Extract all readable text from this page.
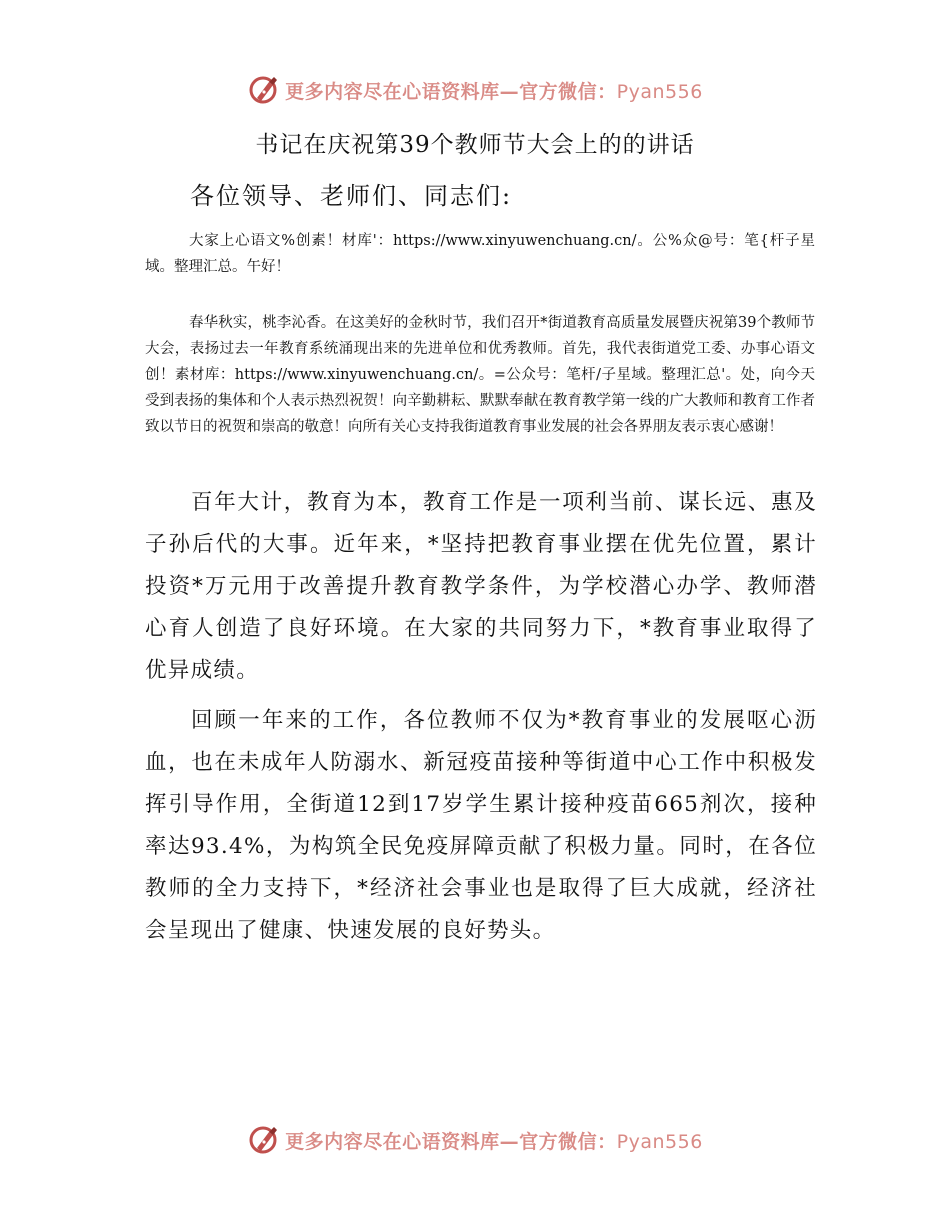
更多内容尽在心语资料库—官方微信：Pyan556
书记在庆祝第39个教师节大会上的的讲话
各位领导、老师们、同志们:

大家上心语文%创素！材库'：https://www.xinyuwenchuang.cn/。公%众@号：笔{杆子星域。整理汇总。午好！

春华秋实，桃李沁香。在这美好的金秋时节，我们召开*街道教育高质量发展暨庆祝第39个教师节大会，表扬过去一年教育系统涌现出来的先进单位和优秀教师。首先，我代表街道党工委、办事心语文创！素材库：https://www.xinyuwenchuang.cn/。=公众号：笔杆/子星域。整理汇总'。处，向今天受到表扬的集体和个人表示热烈祝贺！向辛勤耕耘、默默奉献在教育教学第一线的广大教师和教育工作者致以节日的祝贺和崇高的敬意！向所有关心支持我街道教育事业发展的社会各界朋友表示衷心感谢！

百年大计，教育为本，教育工作是一项利当前、谋长远、惠及子孙后代的大事。近年来，*坚持把教育事业摆在优先位置，累计投资*万元用于改善提升教育教学条件，为学校潜心办学、教师潜心育人创造了良好环境。在大家的共同努力下，*教育事业取得了优异成绩。

回顾一年来的工作，各位教师不仅为*教育事业的发展呕心沥血，也在未成年人防溺水、新冠疫苗接种等街道中心工作中积极发挥引导作用，全街道12到17岁学生累计接种疫苗665剂次，接种率达93.4%，为构筑全民免疫屏障贡献了积极力量。同时，在各位教师的全力支持下，*经济社会事业也是取得了巨大成就，经济社会呈现出了健康、快速发展的良好势头。

更多内容尽在心语资料库—官方微信：Pyan556
